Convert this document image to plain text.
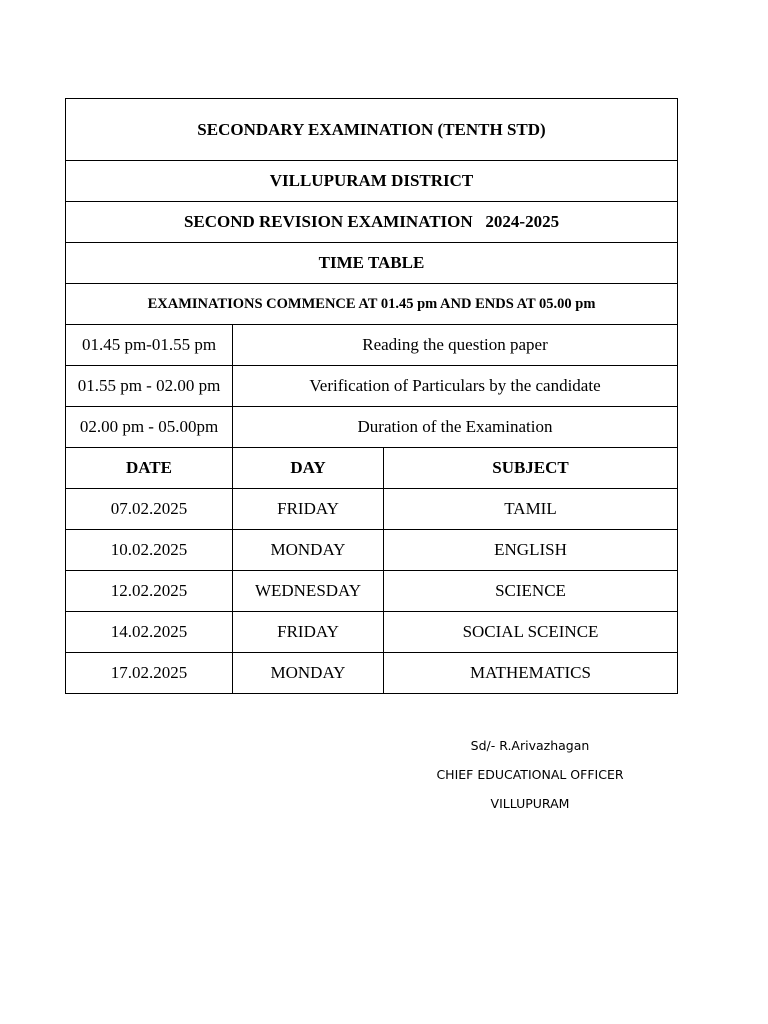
SECONDARY EXAMINATION (TENTH STD)		
VILLUPURAM DISTRICT		
SECOND REVISION EXAMINATION   2024-2025		
TIME TABLE		
EXAMINATIONS COMMENCE AT 01.45 pm AND ENDS AT 05.00 pm		
01.45 pm-01.55 pm	Reading the question paper	
01.55 pm - 02.00 pm	Verification of Particulars by the candidate	
02.00 pm - 05.00pm	Duration of the Examination	
DATE	DAY	SUBJECT
07.02.2025	FRIDAY	TAMIL
10.02.2025	MONDAY	ENGLISH
12.02.2025	WEDNESDAY	SCIENCE
14.02.2025	FRIDAY	SOCIAL SCEINCE
17.02.2025	MONDAY	MATHEMATICS
Sd/- R.Arivazhagan
CHIEF EDUCATIONAL OFFICER
VILLUPURAM
